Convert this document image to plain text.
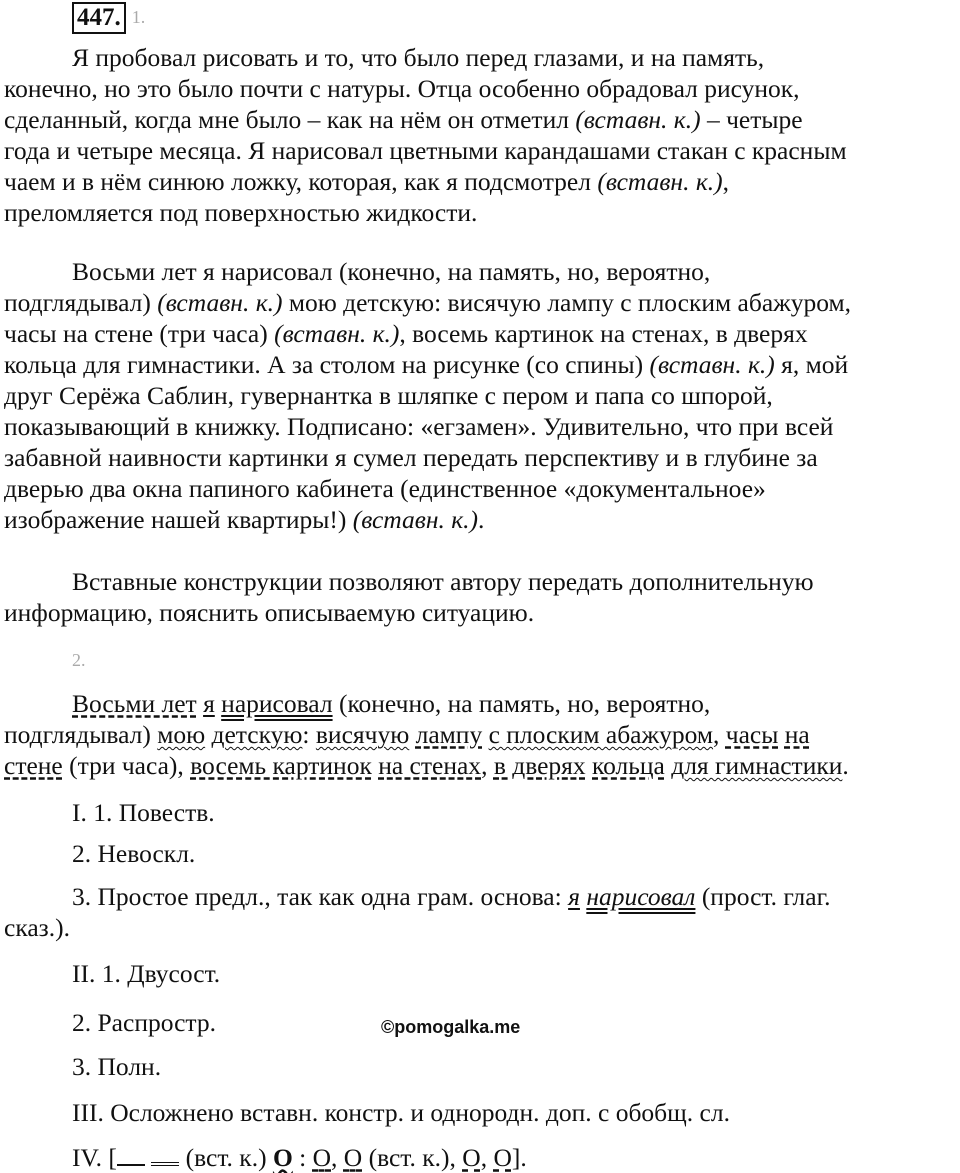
447. $^{1.}$
Я пробовал рисовать и то, что было перед глазами, и на память,
конечно, но это было почти с натуры. Отца особенно обрадовал рисунок,
сделанный, когда мне было – как на нём он отметил (вставн. к.) – четыре
года и четыре месяца. Я нарисовал цветными карандашами стакан с красным
чаем и в нём синюю ложку, которая, как я подсмотрел (вставн. к.),
преломляется под поверхностью жидкости.
Восьми лет я нарисовал (конечно, на память, но, вероятно,
подглядывал) (вставн. к.) мою детскую: висячую лампу с плоским абажуром,
часы на стене (три часа) (вставн. к.), восемь картинок на стенах, в дверях
кольца для гимнастики. А за столом на рисунке (со спины) (вставн. к.) я, мой
друг Серёжа Саблин, гувернантка в шляпке с пером и папа со шпорой,
показывающий в книжку. Подписано: «егзамен». Удивительно, что при всей
забавной наивности картинки я сумел передать перспективу и в глубине за
дверью два окна папиного кабинета (единственное «документальное»
изображение нашей квартиры!) (вставн. к.).
Вставные конструкции позволяют автору передать дополнительную
информацию, пояснить описываемую ситуацию.
2.
Восьми лет я нарисовал (конечно, на память, но, вероятно,
подглядывал) мою детскую: висячую лампу с плоским абажуром, часы на
стене (три часа), восемь картинок на стенах, в дверях кольца для гимнастики.
I. 1. Повеств.
2. Невоскл.
3. Простое предл., так как одна грам. основа: я нарисовал (прост. глаг.
сказ.).
II. 1. Двусост.
2. Распростр.
3. Полн.
III. Осложнено вставн. констр. и однородн. доп. с обобщ. сл.
IV. [  (вст. к.) О : О, О (вст. к.), О, О].
©pomogalka.me
